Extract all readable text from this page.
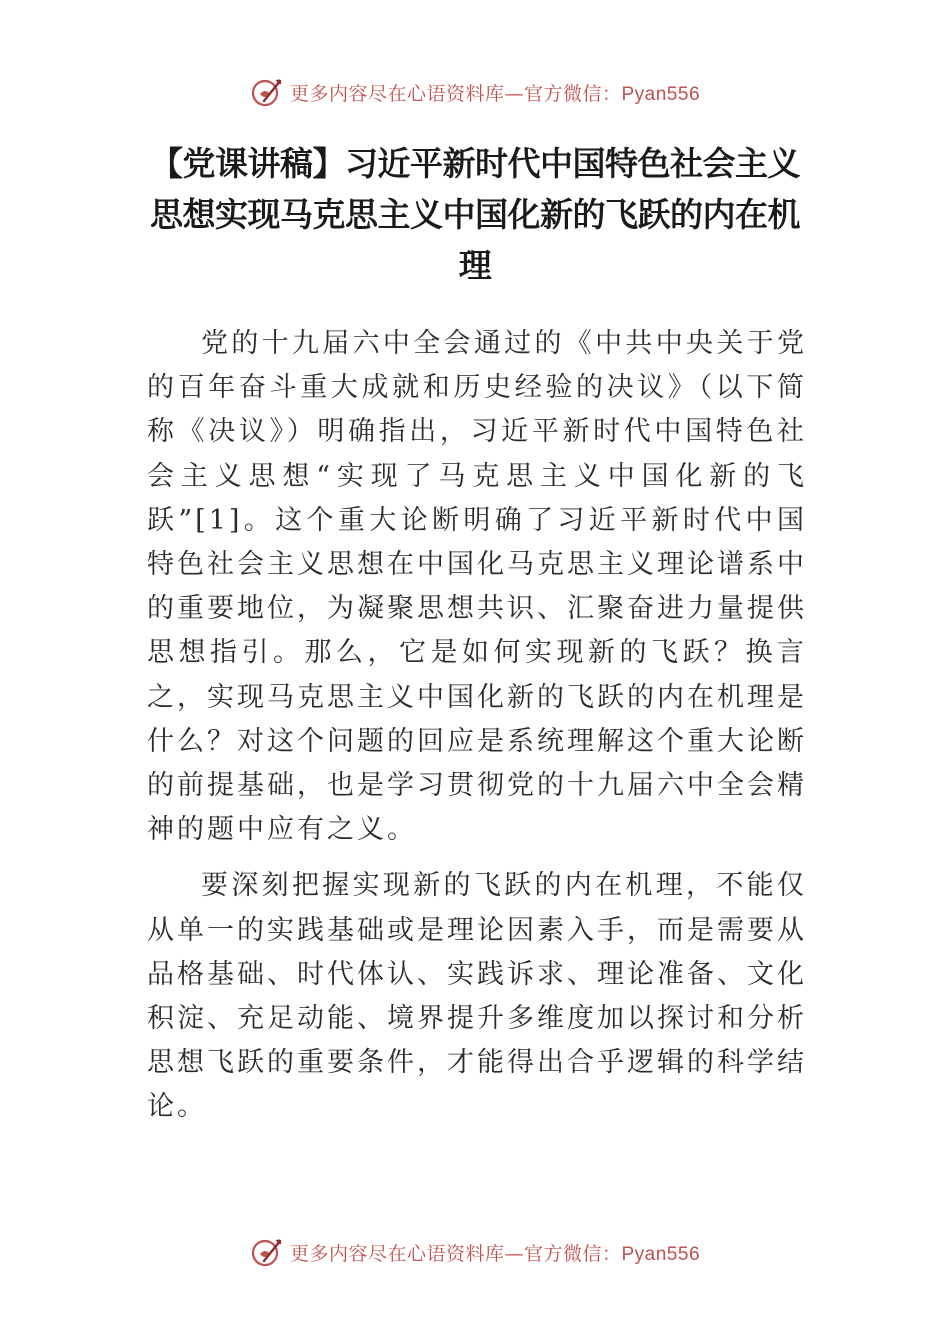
更多内容尽在心语资料库—官方微信：Pyan556
【党课讲稿】习近平新时代中国特色社会主义思想实现马克思主义中国化新的飞跃的内在机理

党的十九届六中全会通过的《中共中央关于党的百年奋斗重大成就和历史经验的决议》（以下简称《决议》）明确指出，习近平新时代中国特色社会主义思想“实现了马克思主义中国化新的飞跃”[1]。这个重大论断明确了习近平新时代中国特色社会主义思想在中国化马克思主义理论谱系中的重要地位，为凝聚思想共识、汇聚奋进力量提供思想指引。那么，它是如何实现新的飞跃？换言之，实现马克思主义中国化新的飞跃的内在机理是什么？对这个问题的回应是系统理解这个重大论断的前提基础，也是学习贯彻党的十九届六中全会精神的题中应有之义。

要深刻把握实现新的飞跃的内在机理，不能仅从单一的实践基础或是理论因素入手，而是需要从品格基础、时代体认、实践诉求、理论准备、文化积淀、充足动能、境界提升多维度加以探讨和分析思想飞跃的重要条件，才能得出合乎逻辑的科学结论。

更多内容尽在心语资料库—官方微信：Pyan556
